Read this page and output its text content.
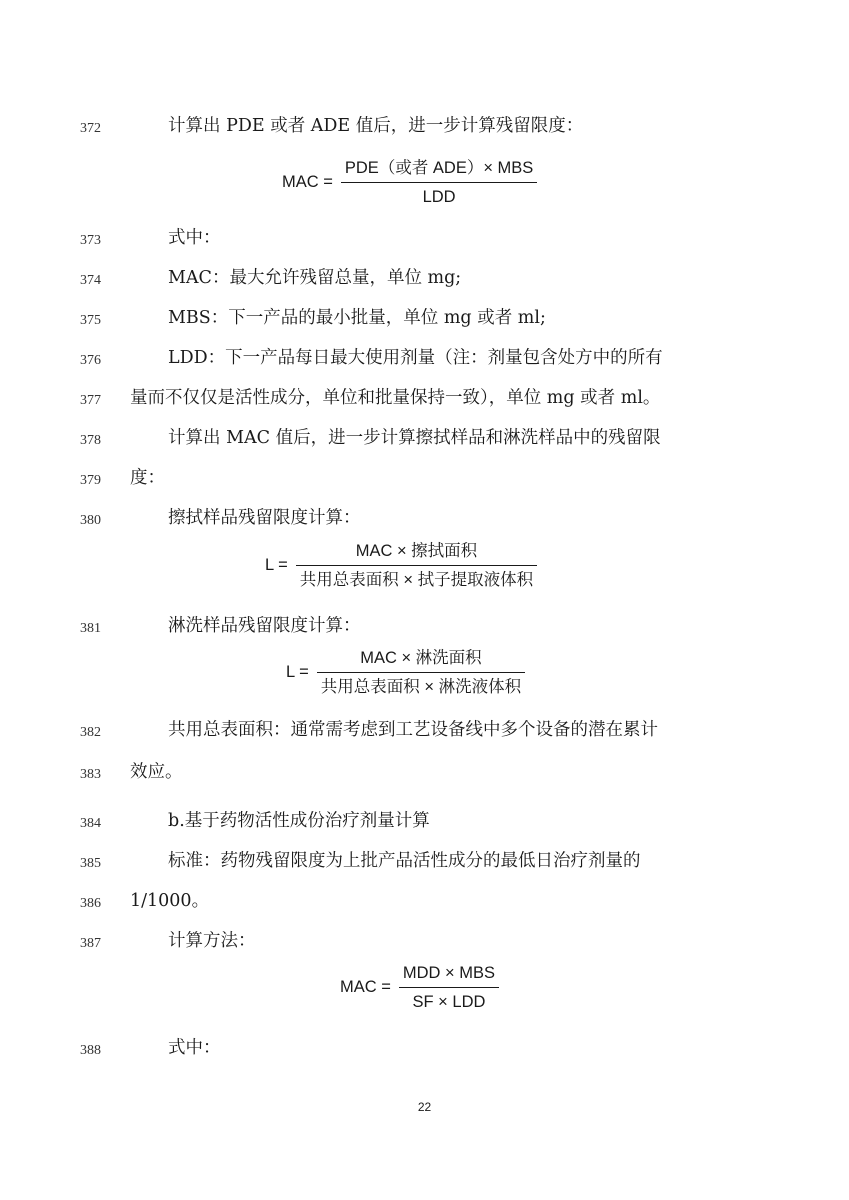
372	计算出 PDE 或者 ADE 值后，进一步计算残留限度：
MAC = $\frac{\text{PDE（或者 ADE）× MBS}}{\text{LDD}}$
373	式中：
374	MAC：最大允许残留总量，单位 mg;
375	MBS：下一产品的最小批量，单位 mg 或者 ml;
376	LDD：下一产品每日最大使用剂量（注：剂量包含处方中的所有
377 量而不仅仅是活性成分，单位和批量保持一致），单位 mg 或者 ml。
378	计算出 MAC 值后，进一步计算擦拭样品和淋洗样品中的残留限
379 度：
380	擦拭样品残留限度计算：
$L = \frac{\text{MAC × 擦拭面积}}{\text{共用总表面积 × 拭子提取液体积}}$
381	淋洗样品残留限度计算：
$L = \frac{\text{MAC × 淋洗面积}}{\text{共用总表面积 × 淋洗液体积}}$
382	共用总表面积：通常需考虑到工艺设备线中多个设备的潜在累计
383 效应。
384	b.基于药物活性成份治疗剂量计算
385	标准：药物残留限度为上批产品活性成分的最低日治疗剂量的
386 1/1000。
387	计算方法：
MAC = $\frac{\text{MDD × MBS}}{\text{SF × LDD}}$
388	式中：
22
